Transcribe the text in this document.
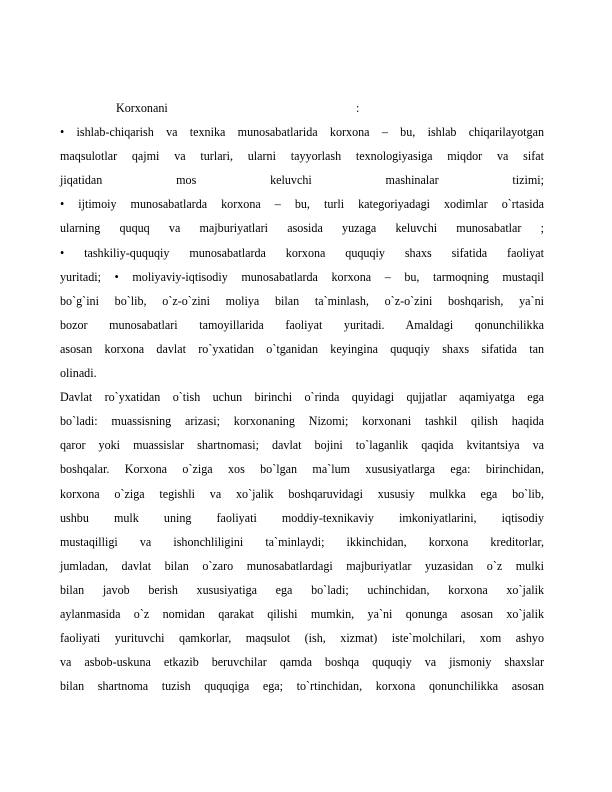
Korxonani	:
• ishlab-chiqarish va texnika munosabatlarida korxona – bu, ishlab chiqarilayotgan
maqsulotlar qajmi va turlari, ularni tayyorlash texnologiyasiga miqdor va sifat
jiqatidan mos keluvchi mashinalar tizimi;
• ijtimoiy munosabatlarda korxona – bu, turli kategoriyadagi xodimlar o`rtasida
ularning ququq va majburiyatlari asosida yuzaga keluvchi munosabatlar ;
• tashkiliy-ququqiy munosabatlarda korxona ququqiy shaxs sifatida faoliyat
yuritadi; • moliyaviy-iqtisodiy munosabatlarda korxona – bu, tarmoqning mustaqil
bo`g`ini bo`lib, o`z-o`zini moliya bilan ta`minlash, o`z-o`zini boshqarish, ya`ni
bozor munosabatlari tamoyillarida faoliyat yuritadi. Amaldagi qonunchilikka
asosan korxona davlat ro`yxatidan o`tganidan keyingina ququqiy shaxs sifatida tan
olinadi.
Davlat ro`yxatidan o`tish uchun birinchi o`rinda quyidagi qujjatlar aqamiyatga ega
bo`ladi: muassisning arizasi; korxonaning Nizomi; korxonani tashkil qilish haqida
qaror yoki muassislar shartnomasi; davlat bojini to`laganlik qaqida kvitantsiya va
boshqalar. Korxona o`ziga xos bo`lgan ma`lum xususiyatlarga ega: birinchidan,
korxona o`ziga tegishli va xo`jalik boshqaruvidagi xususiy mulkka ega bo`lib,
ushbu mulk uning faoliyati moddiy-texnikaviy imkoniyatlarini, iqtisodiy
mustaqilligi va ishonchliligini ta`minlaydi; ikkinchidan, korxona kreditorlar,
jumladan, davlat bilan o`zaro munosabatlardagi majburiyatlar yuzasidan o`z mulki
bilan javob berish xususiyatiga ega bo`ladi; uchinchidan, korxona xo`jalik
aylanmasida o`z nomidan qarakat qilishi mumkin, ya`ni qonunga asosan xo`jalik
faoliyati yurituvchi qamkorlar, maqsulot (ish, xizmat) iste`molchilari, xom ashyo
va asbob-uskuna etkazib beruvchilar qamda boshqa ququqiy va jismoniy shaxslar
bilan shartnoma tuzish ququqiga ega; to`rtinchidan, korxona qonunchilikka asosan
